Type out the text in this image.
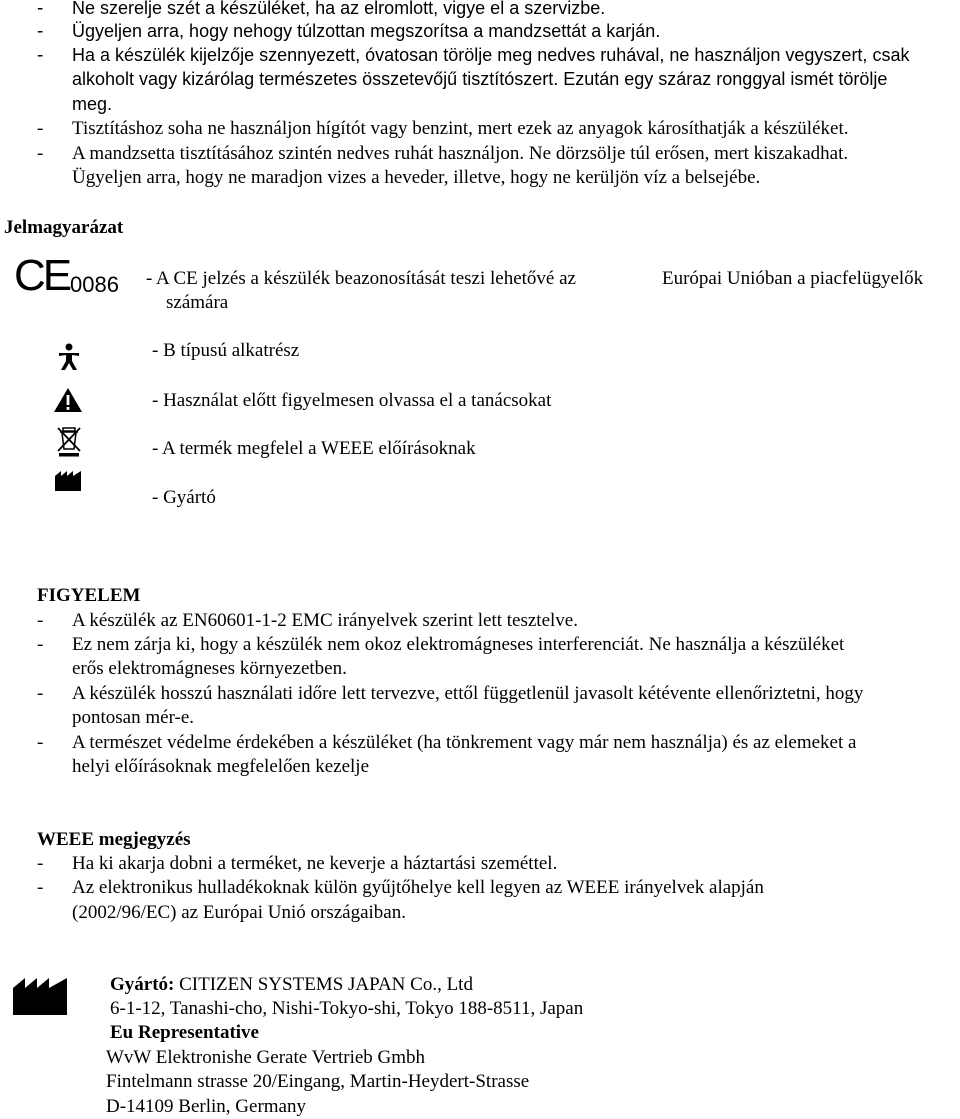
- Ne szerelje szét a készüléket, ha az elromlott, vigye el a szervizbe.
- Ügyeljen arra, hogy nehogy túlzottan megszorítsa a mandzsettát a karján.
- Ha a készülék kijelzője szennyezett, óvatosan törölje meg nedves ruhával, ne használjon vegyszert, csak
alkoholt vagy kizárólag természetes összetevőjű tisztítószert. Ezután egy száraz ronggyal ismét törölje
meg.
- Tisztításhoz soha ne használjon hígítót vagy benzint, mert ezek az anyagok károsíthatják a készüléket.
- A mandzsetta tisztításához szintén nedves ruhát használjon. Ne dörzsölje túl erősen, mert kiszakadhat.
Ügyeljen arra, hogy ne maradjon vizes a heveder, illetve, hogy ne kerüljön víz a belsejébe.
Jelmagyarázat
CE 0086 - A CE jelzés a készülék beazonosítását teszi lehetővé az	Európai Unióban a piacfelügyelők
számára
- B típusú alkatrész
- Használat előtt figyelmesen olvassa el a tanácsokat
- A termék megfelel a WEEE előírásoknak
- Gyártó
FIGYELEM
- A készülék az EN60601-1-2 EMC irányelvek szerint lett tesztelve.
- Ez nem zárja ki, hogy a készülék nem okoz elektromágneses interferenciát. Ne használja a készüléket
erős elektromágneses környezetben.
- A készülék hosszú használati időre lett tervezve, ettől függetlenül javasolt kétévente ellenőriztetni, hogy
pontosan mér-e.
- A természet védelme érdekében a készüléket (ha tönkrement vagy már nem használja) és az elemeket a
helyi előírásoknak megfelelően kezelje
WEEE megjegyzés
- Ha ki akarja dobni a terméket, ne keverje a háztartási szeméttel.
- Az elektronikus hulladékoknak külön gyűjtőhelye kell legyen az WEEE irányelvek alapján
(2002/96/EC) az Európai Unió országaiban.
Gyártó: CITIZEN SYSTEMS JAPAN Co., Ltd
6-1-12, Tanashi-cho, Nishi-Tokyo-shi, Tokyo 188-8511, Japan
Eu Representative
WvW Elektronishe Gerate Vertrieb Gmbh
Fintelmann strasse 20/Eingang, Martin-Heydert-Strasse
D-14109 Berlin, Germany
